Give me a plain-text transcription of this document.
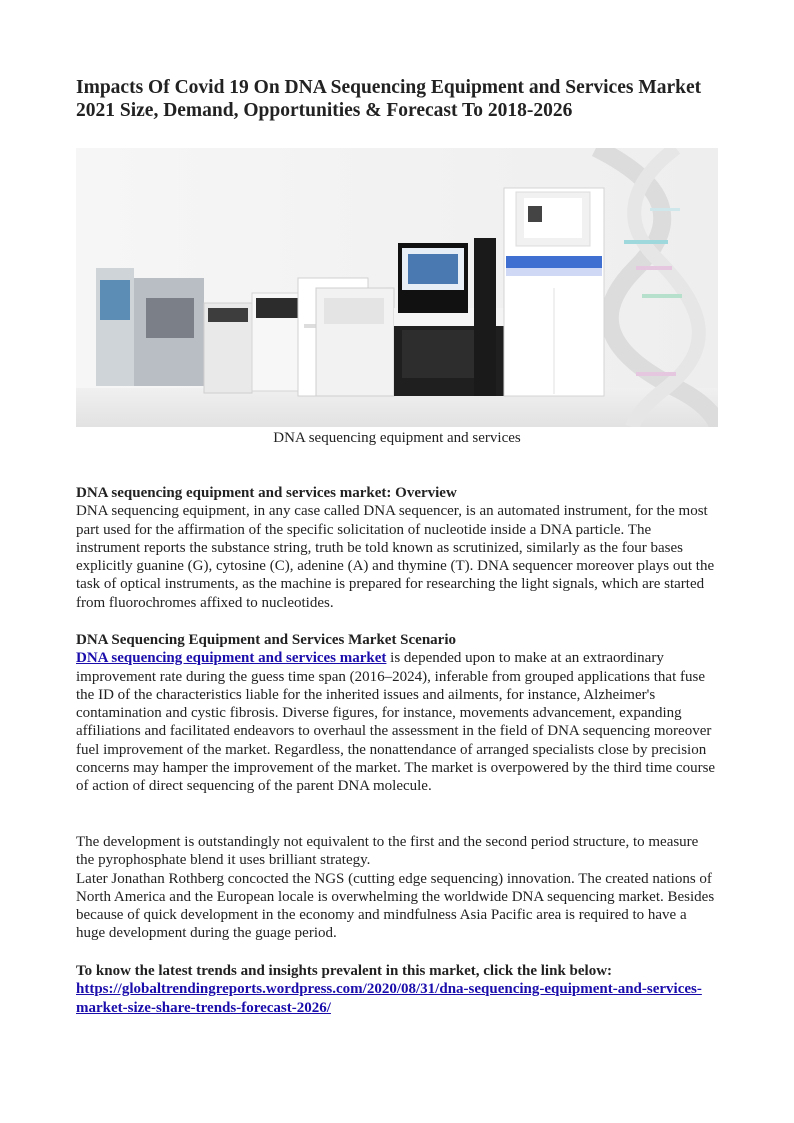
Impacts Of Covid 19 On DNA Sequencing Equipment and Services Market 2021 Size, Demand, Opportunities & Forecast To 2018-2026
DNA sequencing equipment and services

DNA sequencing equipment and services market: Overview

DNA sequencing equipment, in any case called DNA sequencer, is an automated instrument, for the most part used for the affirmation of the specific solicitation of nucleotide inside a DNA particle. The instrument reports the substance string, truth be told known as scrutinized, similarly as the four bases explicitly guanine (G), cytosine (C), adenine (A) and thymine (T). DNA sequencer moreover plays out the task of optical instruments, as the machine is prepared for researching the light signals, which are started from fluorochromes affixed to nucleotides.

DNA Sequencing Equipment and Services Market Scenario

DNA sequencing equipment and services market is depended upon to make at an extraordinary improvement rate during the guess time span (2016–2024), inferable from grouped applications that fuse the ID of the characteristics liable for the inherited issues and ailments, for instance, Alzheimer's contamination and cystic fibrosis. Diverse figures, for instance, movements advancement, expanding affiliations and facilitated endeavors to overhaul the assessment in the field of DNA sequencing moreover fuel improvement of the market. Regardless, the nonattendance of arranged specialists close by precision concerns may hamper the improvement of the market. The market is overpowered by the third time course of action of direct sequencing of the parent DNA molecule.

The development is outstandingly not equivalent to the first and the second period structure, to measure the pyrophosphate blend it uses brilliant strategy.

Later Jonathan Rothberg concocted the NGS (cutting edge sequencing) innovation. The created nations of North America and the European locale is overwhelming the worldwide DNA sequencing market. Besides because of quick development in the economy and mindfulness Asia Pacific area is required to have a huge development during the guage period.

To know the latest trends and insights prevalent in this market, click the link below:

https://globaltrendingreports.wordpress.com/2020/08/31/dna-sequencing-equipment-and-services-market-size-share-trends-forecast-2026/
